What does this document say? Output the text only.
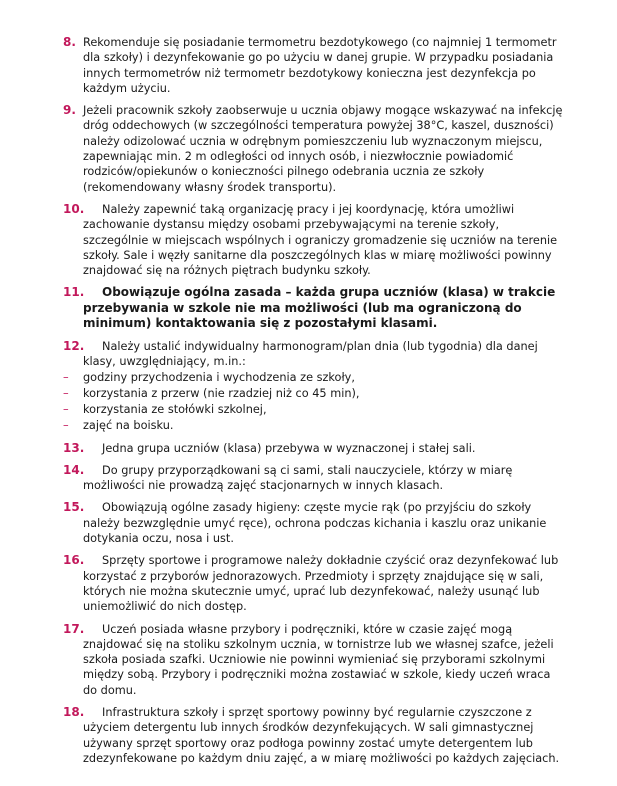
8. Rekomenduje się posiadanie termometru bezdotykowego (co najmniej 1 termometr dla szkoły) i dezynfekowanie go po użyciu w danej grupie. W przypadku posiadania innych termometrów niż termometr bezdotykowy konieczna jest dezynfekcja po każdym użyciu.
9. Jeżeli pracownik szkoły zaobserwuje u ucznia objawy mogące wskazywać na infekcję dróg oddechowych (w szczególności temperatura powyżej 38°C, kaszel, duszności) należy odizolować ucznia w odrębnym pomieszczeniu lub wyznaczonym miejscu, zapewniając min. 2 m odległości od innych osób, i niezwłocznie powiadomić rodziców/opiekunów o konieczności pilnego odebrania ucznia ze szkoły (rekomendowany własny środek transportu).
10.	Należy zapewnić taką organizację pracy i jej koordynację, która umożliwi zachowanie dystansu między osobami przebywającymi na terenie szkoły, szczególnie w miejscach wspólnych i ograniczy gromadzenie się uczniów na terenie szkoły. Sale i węzły sanitarne dla poszczególnych klas w miarę możliwości powinny znajdować się na różnych piętrach budynku szkoły.
11.	Obowiązuje ogólna zasada – każda grupa uczniów (klasa) w trakcie przebywania w szkole nie ma możliwości (lub ma ograniczoną do minimum) kontaktowania się z pozostałymi klasami.
12.	Należy ustalić indywidualny harmonogram/plan dnia (lub tygodnia) dla danej klasy, uwzględniający, m.in.:
– godziny przychodzenia i wychodzenia ze szkoły,
– korzystania z przerw (nie rzadziej niż co 45 min),
– korzystania ze stołówki szkolnej,
– zajęć na boisku.
13.	Jedna grupa uczniów (klasa) przebywa w wyznaczonej i stałej sali.
14.	Do grupy przyporządkowani są ci sami, stali nauczyciele, którzy w miarę możliwości nie prowadzą zajęć stacjonarnych w innych klasach.
15.	Obowiązują ogólne zasady higieny: częste mycie rąk (po przyjściu do szkoły należy bezwzględnie umyć ręce), ochrona podczas kichania i kaszlu oraz unikanie dotykania oczu, nosa i ust.
16.	Sprzęty sportowe i programowe należy dokładnie czyścić oraz dezynfekować lub korzystać z przyborów jednorazowych. Przedmioty i sprzęty znajdujące się w sali, których nie można skutecznie umyć, uprać lub dezynfekować, należy usunąć lub uniemożliwić do nich dostęp.
17.	Uczeń posiada własne przybory i podręczniki, które w czasie zajęć mogą znajdować się na stoliku szkolnym ucznia, w tornistrze lub we własnej szafce, jeżeli szkoła posiada szafki. Uczniowie nie powinni wymieniać się przyborami szkolnymi między sobą. Przybory i podręczniki można zostawiać w szkole, kiedy uczeń wraca do domu.
18.	Infrastruktura szkoły i sprzęt sportowy powinny być regularnie czyszczone z użyciem detergentu lub innych środków dezynfekujących. W sali gimnastycznej używany sprzęt sportowy oraz podłoga powinny zostać umyte detergentem lub zdezynfekowane po każdym dniu zajęć, a w miarę możliwości po każdych zajęciach.
